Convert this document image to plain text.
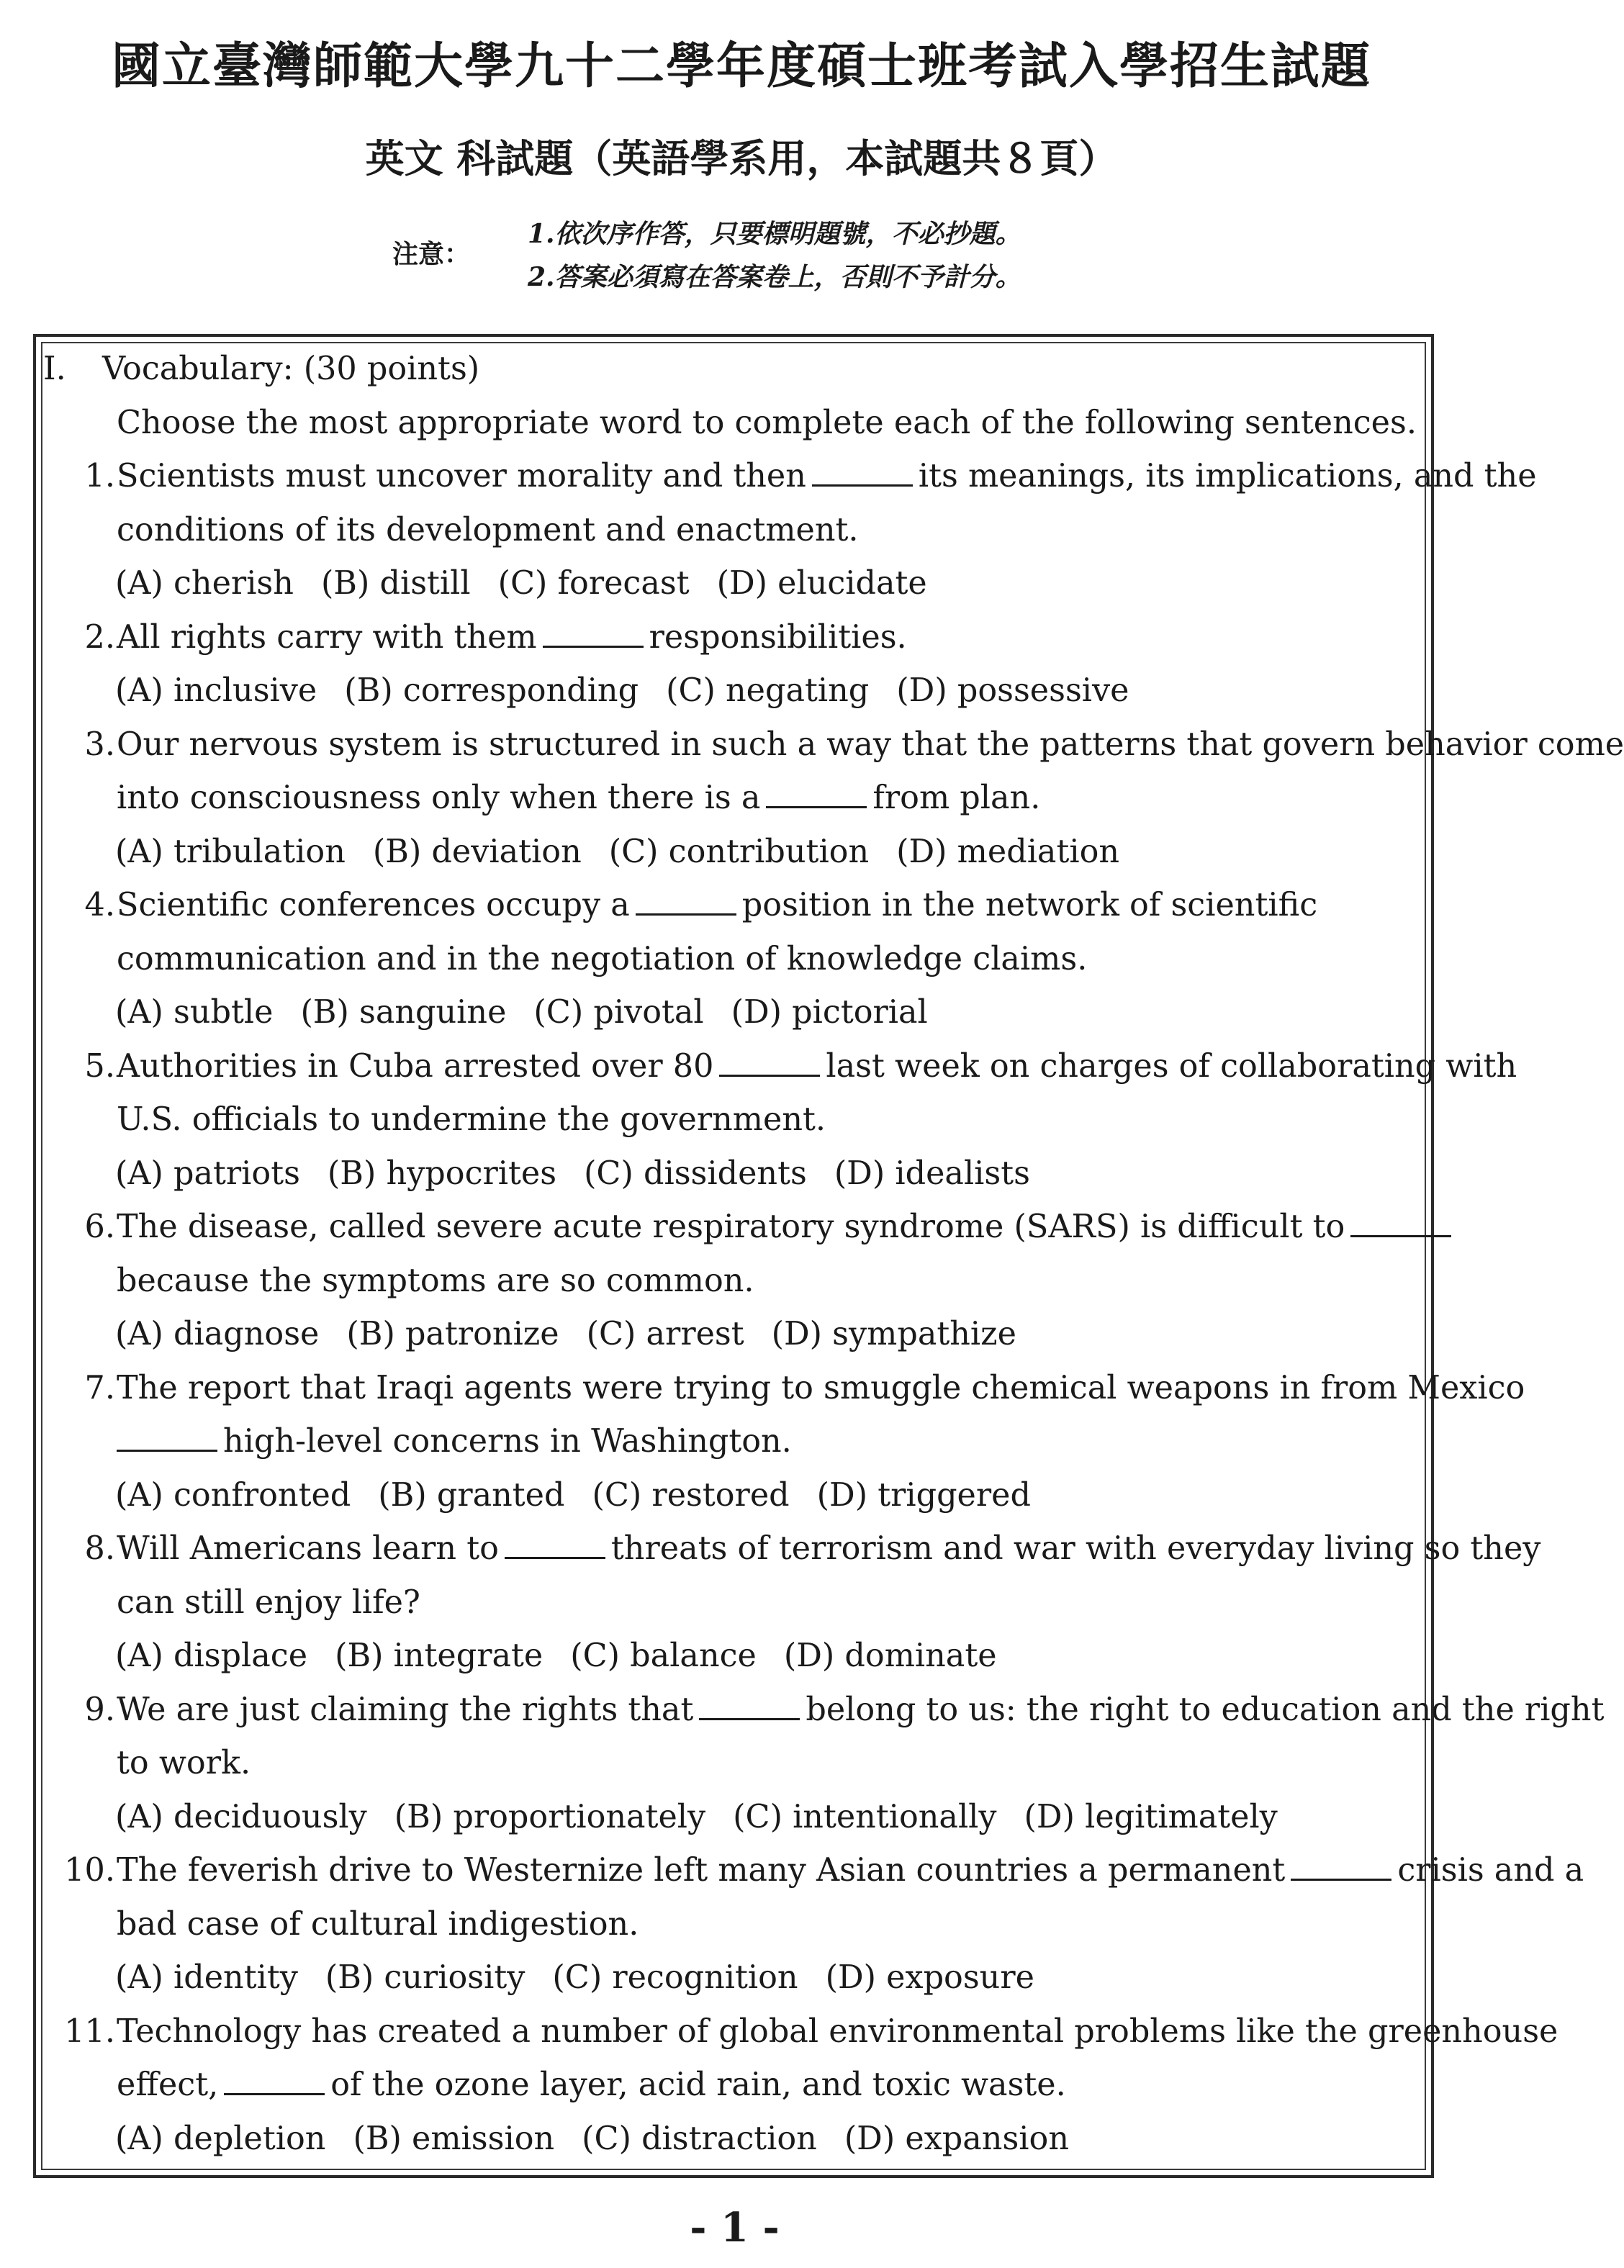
國立臺灣師範大學九十二學年度碩士班考試入學招生試題
英文 科試題（英語學系用，本試題共８頁）
注意：
1.依次序作答，只要標明題號，不必抄題。
2.答案必須寫在答案卷上，否則不予計分。
I. Vocabulary: (30 points)
Choose the most appropriate word to complete each of the following sentences.
1. Scientists must uncover morality and then	its meanings, its implications, and the
conditions of its development and enactment.
(A) cherish (B) distill (C) forecast (D) elucidate
2. All rights carry with them	responsibilities.
(A) inclusive (B) corresponding (C) negating (D) possessive
3. Our nervous system is structured in such a way that the patterns that govern behavior come
into consciousness only when there is a	from plan.
(A) tribulation (B) deviation (C) contribution (D) mediation
4. Scientific conferences occupy a	position in the network of scientific
communication and in the negotiation of knowledge claims.
(A) subtle (B) sanguine (C) pivotal (D) pictorial
5. Authorities in Cuba arrested over 80	last week on charges of collaborating with
U.S. officials to undermine the government.
(A) patriots (B) hypocrites (C) dissidents (D) idealists
6. The disease, called severe acute respiratory syndrome (SARS) is difficult to
because the symptoms are so common.
(A) diagnose (B) patronize (C) arrest (D) sympathize
7. The report that Iraqi agents were trying to smuggle chemical weapons in from Mexico
high-level concerns in Washington.
(A) confronted (B) granted (C) restored (D) triggered
8. Will Americans learn to	threats of terrorism and war with everyday living so they
can still enjoy life?
(A) displace (B) integrate (C) balance (D) dominate
9. We are just claiming the rights that	belong to us: the right to education and the right
to work.
(A) deciduously (B) proportionately (C) intentionally (D) legitimately
10. The feverish drive to Westernize left many Asian countries a permanent	crisis and a
bad case of cultural indigestion.
(A) identity (B) curiosity (C) recognition (D) exposure
11. Technology has created a number of global environmental problems like the greenhouse
effect,	of the ozone layer, acid rain, and toxic waste.
(A) depletion (B) emission (C) distraction (D) expansion
- 1 -
